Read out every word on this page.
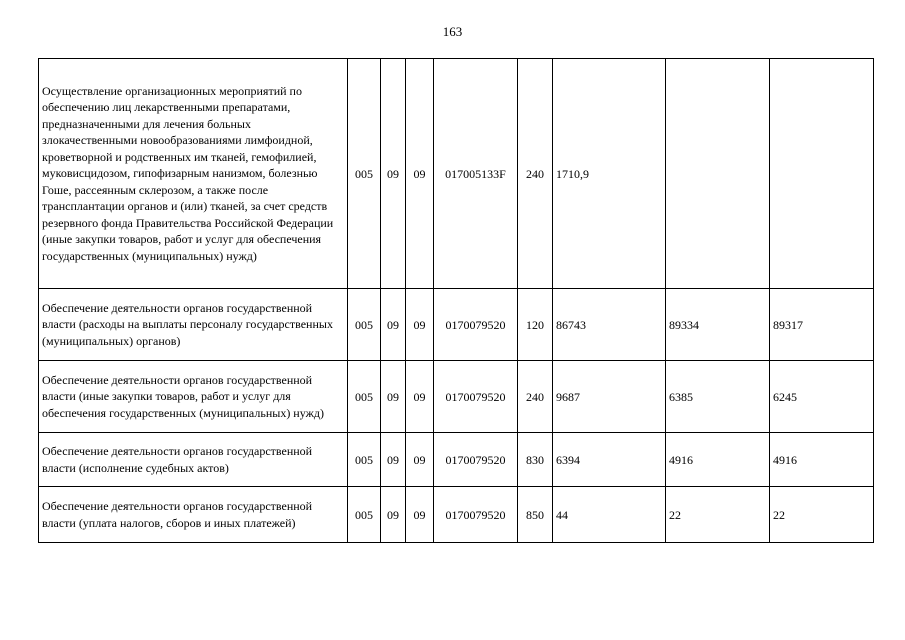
163
Осуществление организационных мероприятий по обеспечению лиц лекарственными препаратами, предназначенными для лечения больных злокачественными новообразованиями лимфоидной, кроветворной и родственных им тканей, гемофилией, муковисцидозом, гипофизарным нанизмом, болезнью Гоше, рассеянным склерозом, а также после трансплантации органов и (или) тканей, за счет средств резервного фонда Правительства Российской Федерации (иные закупки товаров, работ и услуг для обеспечения государственных (муниципальных) нужд)	005	09	09	017005133F	240	1710,9		
Обеспечение деятельности органов государственной власти (расходы на выплаты персоналу государственных (муниципальных) органов)	005	09	09	0170079520	120	86743	89334	89317
Обеспечение деятельности органов государственной власти (иные закупки товаров, работ и услуг для обеспечения государственных (муниципальных) нужд)	005	09	09	0170079520	240	9687	6385	6245
Обеспечение деятельности органов государственной власти (исполнение судебных актов)	005	09	09	0170079520	830	6394	4916	4916
Обеспечение деятельности органов государственной власти (уплата налогов, сборов и иных платежей)	005	09	09	0170079520	850	44	22	22
